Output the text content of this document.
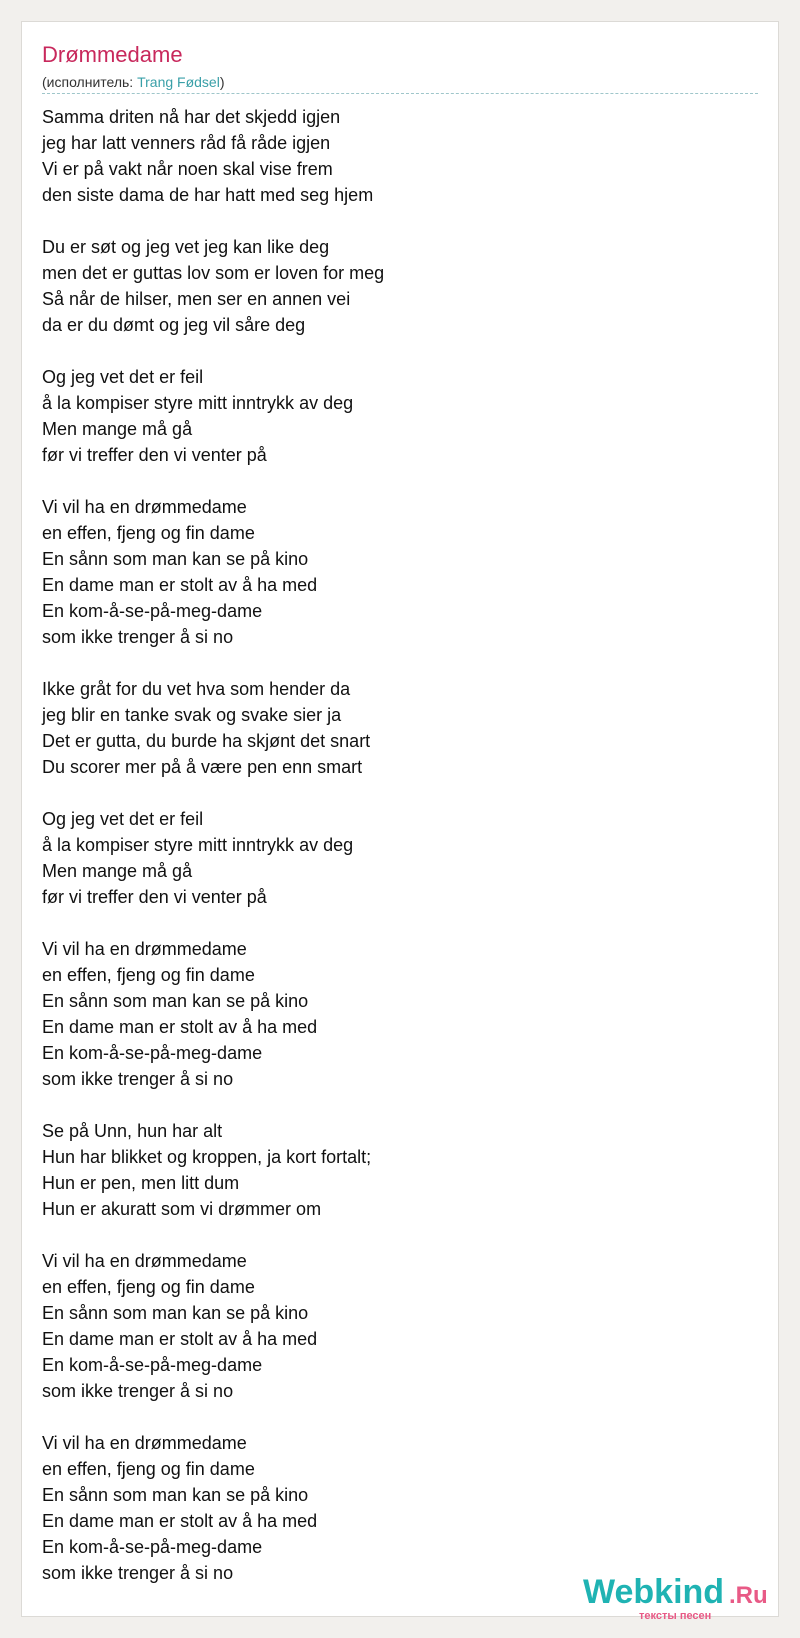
Drømmedame
(исполнитель: Trang Fødsel)
Samma driten nå har det skjedd igjen
jeg har latt venners råd få råde igjen
Vi er på vakt når noen skal vise frem
den siste dama de har hatt med seg hjem
Du er søt og jeg vet jeg kan like deg
men det er guttas lov som er loven for meg
Så når de hilser, men ser en annen vei
da er du dømt og jeg vil såre deg
Og jeg vet det er feil
å la kompiser styre mitt inntrykk av deg
Men mange må gå
før vi treffer den vi venter på
Vi vil ha en drømmedame
en effen, fjeng og fin dame
En sånn som man kan se på kino
En dame man er stolt av å ha med
En kom-å-se-på-meg-dame
som ikke trenger å si no
Ikke gråt for du vet hva som hender da
jeg blir en tanke svak og svake sier ja
Det er gutta, du burde ha skjønt det snart
Du scorer mer på å være pen enn smart
Og jeg vet det er feil
å la kompiser styre mitt inntrykk av deg
Men mange må gå
før vi treffer den vi venter på
Vi vil ha en drømmedame
en effen, fjeng og fin dame
En sånn som man kan se på kino
En dame man er stolt av å ha med
En kom-å-se-på-meg-dame
som ikke trenger å si no
Se på Unn, hun har alt
Hun har blikket og kroppen, ja kort fortalt;
Hun er pen, men litt dum
Hun er akuratt som vi drømmer om
Vi vil ha en drømmedame
en effen, fjeng og fin dame
En sånn som man kan se på kino
En dame man er stolt av å ha med
En kom-å-se-på-meg-dame
som ikke trenger å si no
Vi vil ha en drømmedame
en effen, fjeng og fin dame
En sånn som man kan se på kino
En dame man er stolt av å ha med
En kom-å-se-på-meg-dame
som ikke trenger å si no	Webkind .Ru
тексты песен
